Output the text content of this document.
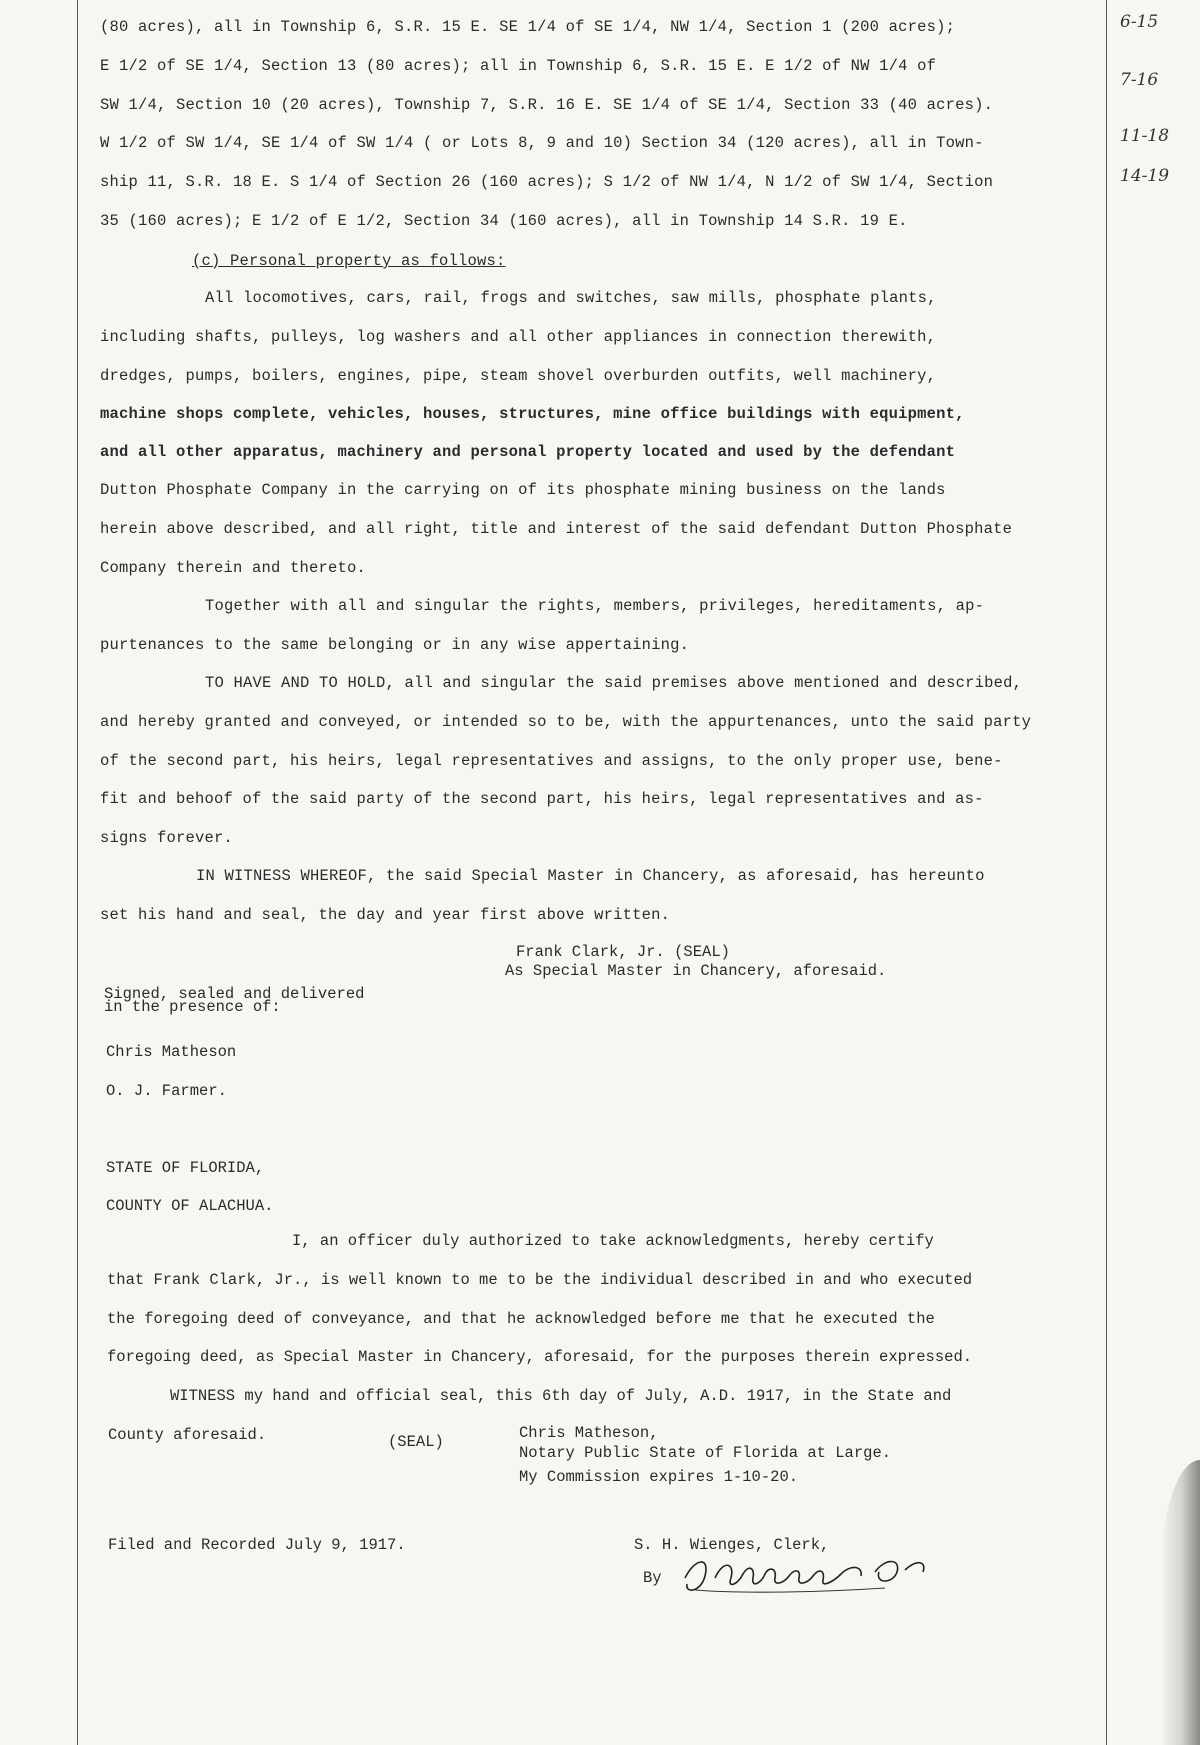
6-15
7-16
11-18
14-19
(80 acres), all in Township 6, S.R. 15 E. SE 1/4 of SE 1/4, NW 1/4, Section 1 (200 acres);
E 1/2 of SE 1/4, Section 13 (80 acres); all in Township 6, S.R. 15 E. E 1/2 of NW 1/4 of
SW 1/4, Section 10 (20 acres), Township 7, S.R. 16 E. SE 1/4 of SE 1/4, Section 33 (40 acres).
W 1/2 of SW 1/4, SE 1/4 of SW 1/4 ( or Lots 8, 9 and 10) Section 34 (120 acres), all in Town-
ship 11, S.R. 18 E. S 1/4 of Section 26 (160 acres); S 1/2 of NW 1/4, N 1/2 of SW 1/4, Section
35 (160 acres); E 1/2 of E 1/2, Section 34 (160 acres), all in Township 14 S.R. 19 E.
(c) Personal property as follows:
All locomotives, cars, rail, frogs and switches, saw mills, phosphate plants,
including shafts, pulleys, log washers and all other appliances in connection therewith,
dredges, pumps, boilers, engines, pipe, steam shovel overburden outfits, well machinery,
machine shops complete, vehicles, houses, structures, mine office buildings with equipment,
and all other apparatus, machinery and personal property located and used by the defendant
Dutton Phosphate Company in the carrying on of its phosphate mining business on the lands
herein above described, and all right, title and interest of the said defendant Dutton Phosphate
Company therein and thereto.
Together with all and singular the rights, members, privileges, hereditaments, ap-
purtenances to the same belonging or in any wise appertaining.
TO HAVE AND TO HOLD, all and singular the said premises above mentioned and described,
and hereby granted and conveyed, or intended so to be, with the appurtenances, unto the said party
of the second part, his heirs, legal representatives and assigns, to the only proper use, bene-
fit and behoof of the said party of the second part, his heirs, legal representatives and as-
signs forever.
IN WITNESS WHEREOF, the said Special Master in Chancery, as aforesaid, has hereunto
set his hand and seal, the day and year first above written.
Frank Clark, Jr. (SEAL)
As Special Master in Chancery, aforesaid.
Signed, sealed and delivered
in the presence of:
Chris Matheson
O. J. Farmer.
STATE OF FLORIDA,
COUNTY OF ALACHUA.
I, an officer duly authorized to take acknowledgments, hereby certify
that Frank Clark, Jr., is well known to me to be the individual described in and who executed
the foregoing deed of conveyance, and that he acknowledged before me that he executed the
foregoing deed, as Special Master in Chancery, aforesaid, for the purposes therein expressed.
WITNESS my hand and official seal, this 6th day of July, A.D. 1917, in the State and
County aforesaid.	(SEAL)	Chris Matheson,
Notary Public State of Florida at Large.
My Commission expires 1-10-20.
Filed and Recorded July 9, 1917.	S. H. Wienges, Clerk,
By
